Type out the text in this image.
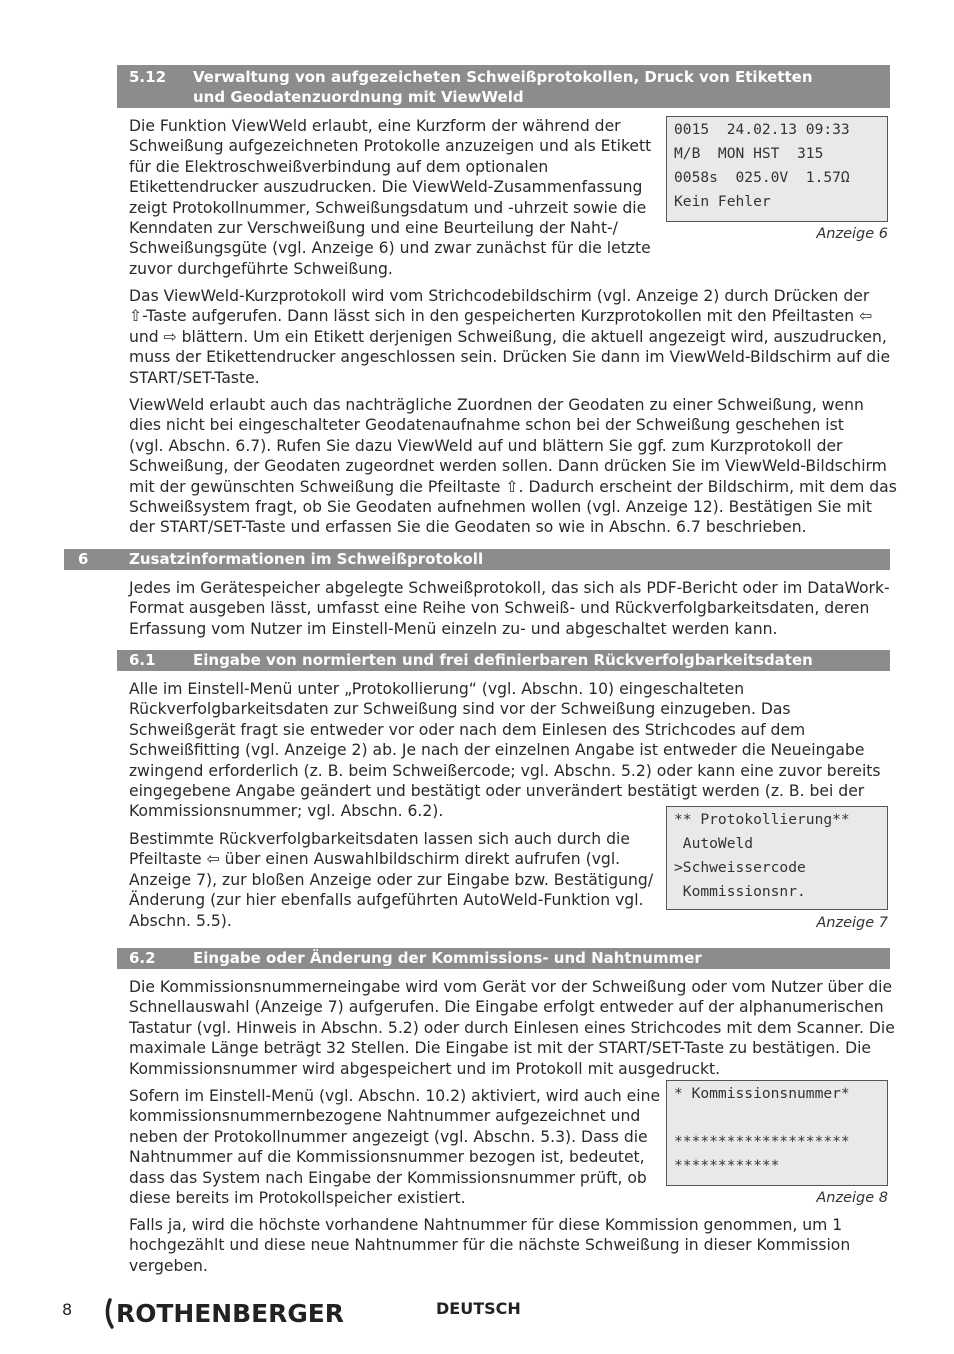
5.12 Verwaltung von aufgezeicheten Schweißprotokollen, Druck von Etiketten
und Geodatenzuordnung mit ViewWeld
Die Funktion ViewWeld erlaubt, eine Kurzform der während der
Schweißung aufgezeichneten Protokolle anzuzeigen und als Etikett
für die Elektroschweißverbindung auf dem optionalen
Etikettendrucker auszudrucken. Die ViewWeld-Zusammenfassung
zeigt Protokollnummer, Schweißungsdatum und -uhrzeit sowie die
Kenndaten zur Verschweißung und eine Beurteilung der Naht-/
Schweißungsgüte (vgl. Anzeige 6) und zwar zunächst für die letzte
zuvor durchgeführte Schweißung.
0015  24.02.13 09:33
M/B  MON HST  315
0058s  025.0V  1.57Ω
Kein Fehler
Anzeige 6
Das ViewWeld-Kurzprotokoll wird vom Strichcodebildschirm (vgl. Anzeige 2) durch Drücken der
⇧-Taste aufgerufen. Dann lässt sich in den gespeicherten Kurzprotokollen mit den Pfeiltasten ⇦
und ⇨ blättern. Um ein Etikett derjenigen Schweißung, die aktuell angezeigt wird, auszudrucken,
muss der Etikettendrucker angeschlossen sein. Drücken Sie dann im ViewWeld-Bildschirm auf die
START/SET-Taste.
ViewWeld erlaubt auch das nachträgliche Zuordnen der Geodaten zu einer Schweißung, wenn
dies nicht bei eingeschalteter Geodatenaufnahme schon bei der Schweißung geschehen ist
(vgl. Abschn. 6.7). Rufen Sie dazu ViewWeld auf und blättern Sie ggf. zum Kurzprotokoll der
Schweißung, der Geodaten zugeordnet werden sollen. Dann drücken Sie im ViewWeld-Bildschirm
mit der gewünschten Schweißung die Pfeiltaste ⇧. Dadurch erscheint der Bildschirm, mit dem das
Schweißsystem fragt, ob Sie Geodaten aufnehmen wollen (vgl. Anzeige 12). Bestätigen Sie mit
der START/SET-Taste und erfassen Sie die Geodaten so wie in Abschn. 6.7 beschrieben.
6	Zusatzinformationen im Schweißprotokoll
Jedes im Gerätespeicher abgelegte Schweißprotokoll, das sich als PDF-Bericht oder im DataWork-
Format ausgeben lässt, umfasst eine Reihe von Schweiß- und Rückverfolgbarkeitsdaten, deren
Erfassung vom Nutzer im Einstell-Menü einzeln zu- und abgeschaltet werden kann.
6.1 Eingabe von normierten und frei definierbaren Rückverfolgbarkeitsdaten
Alle im Einstell-Menü unter „Protokollierung“ (vgl. Abschn. 10) eingeschalteten
Rückverfolgbarkeitsdaten zur Schweißung sind vor der Schweißung einzugeben. Das
Schweißgerät fragt sie entweder vor oder nach dem Einlesen des Strichcodes auf dem
Schweißfitting (vgl. Anzeige 2) ab. Je nach der einzelnen Angabe ist entweder die Neueingabe
zwingend erforderlich (z. B. beim Schweißercode; vgl. Abschn. 5.2) oder kann eine zuvor bereits
eingegebene Angabe geändert und bestätigt oder unverändert bestätigt werden (z. B. bei der
Kommissionsnummer; vgl. Abschn. 6.2).
Bestimmte Rückverfolgbarkeitsdaten lassen sich auch durch die
Pfeiltaste ⇦ über einen Auswahlbildschirm direkt aufrufen (vgl.
Anzeige 7), zur bloßen Anzeige oder zur Eingabe bzw. Bestätigung/
Änderung (zur hier ebenfalls aufgeführten AutoWeld-Funktion vgl.
Abschn. 5.5).
** Protokollierung**
AutoWeld
>Schweissercode
Kommissionsnr.
Anzeige 7
6.2 Eingabe oder Änderung der Kommissions- und Nahtnummer
Die Kommissionsnummerneingabe wird vom Gerät vor der Schweißung oder vom Nutzer über die
Schnellauswahl (Anzeige 7) aufgerufen. Die Eingabe erfolgt entweder auf der alphanumerischen
Tastatur (vgl. Hinweis in Abschn. 5.2) oder durch Einlesen eines Strichcodes mit dem Scanner. Die
maximale Länge beträgt 32 Stellen. Die Eingabe ist mit der START/SET-Taste zu bestätigen. Die
Kommissionsnummer wird abgespeichert und im Protokoll mit ausgedruckt.
Sofern im Einstell-Menü (vgl. Abschn. 10.2) aktiviert, wird auch eine
kommissionsnummernbezogene Nahtnummer aufgezeichnet und
neben der Protokollnummer angezeigt (vgl. Abschn. 5.3). Dass die
Nahtnummer auf die Kommissionsnummer bezogen ist, bedeutet,
dass das System nach Eingabe der Kommissionsnummer prüft, ob
diese bereits im Protokollspeicher existiert.
* Kommissionsnummer*
********************
************
Anzeige 8
Falls ja, wird die höchste vorhandene Nahtnummer für diese Kommission genommen, um 1
hochgezählt und diese neue Nahtnummer für die nächste Schweißung in dieser Kommission
vergeben.
8 ROTHENBERGER	DEUTSCH
